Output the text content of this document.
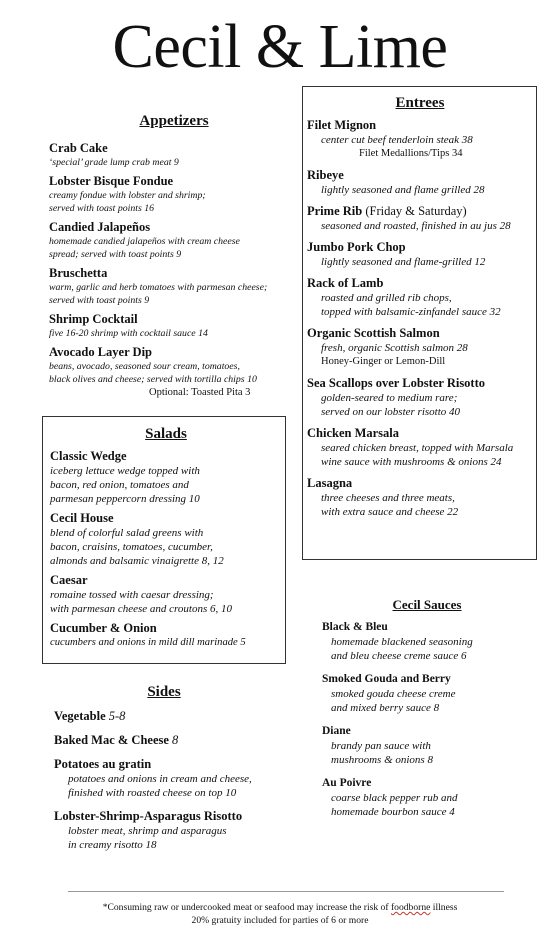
Cecil & Lime
Appetizers
Crab Cake
‘special’ grade lump crab meat 9
Lobster Bisque Fondue
creamy fondue with lobster and shrimp;
served with toast points 16
Candied Jalapeños
homemade candied jalapeños with cream cheese
spread; served with toast points 9
Bruschetta
warm, garlic and herb tomatoes with parmesan cheese;
served with toast points 9
Shrimp Cocktail
five 16-20 shrimp with cocktail sauce 14
Avocado Layer Dip
beans, avocado, seasoned sour cream, tomatoes,
black olives and cheese; served with tortilla chips 10
Optional: Toasted Pita 3
Entrees
Filet Mignon
center cut beef tenderloin steak 38
Filet Medallions/Tips 34
Ribeye
lightly seasoned and flame grilled 28
Prime Rib (Friday & Saturday)
seasoned and roasted, finished in au jus 28
Jumbo Pork Chop
lightly seasoned and flame-grilled 12
Rack of Lamb
roasted and grilled rib chops,
topped with balsamic-zinfandel sauce 32
Organic Scottish Salmon
fresh, organic Scottish salmon 28
Honey-Ginger or Lemon-Dill
Sea Scallops over Lobster Risotto
golden-seared to medium rare;
served on our lobster risotto 40
Chicken Marsala
seared chicken breast, topped with Marsala
wine sauce with mushrooms & onions 24
Lasagna
three cheeses and three meats,
with extra sauce and cheese 22
Salads
Classic Wedge
iceberg lettuce wedge topped with
bacon, red onion, tomatoes and
parmesan peppercorn dressing 10
Cecil House
blend of colorful salad greens with
bacon, craisins, tomatoes, cucumber,
almonds and balsamic vinaigrette 8, 12
Caesar
romaine tossed with caesar dressing;
with parmesan cheese and croutons 6, 10
Cucumber & Onion
cucumbers and onions in mild dill marinade 5
Sides
Vegetable 5-8
Baked Mac & Cheese 8
Potatoes au gratin
potatoes and onions in cream and cheese,
finished with roasted cheese on top 10
Lobster-Shrimp-Asparagus Risotto
lobster meat, shrimp and asparagus
in creamy risotto 18
Cecil Sauces
Black & Bleu
homemade blackened seasoning
and bleu cheese creme sauce 6
Smoked Gouda and Berry
smoked gouda cheese creme
and mixed berry sauce 8
Diane
brandy pan sauce with
mushrooms & onions 8
Au Poivre
coarse black pepper rub and
homemade bourbon sauce 4
*Consuming raw or undercooked meat or seafood may increase the risk of foodborne illness
20% gratuity included for parties of 6 or more
